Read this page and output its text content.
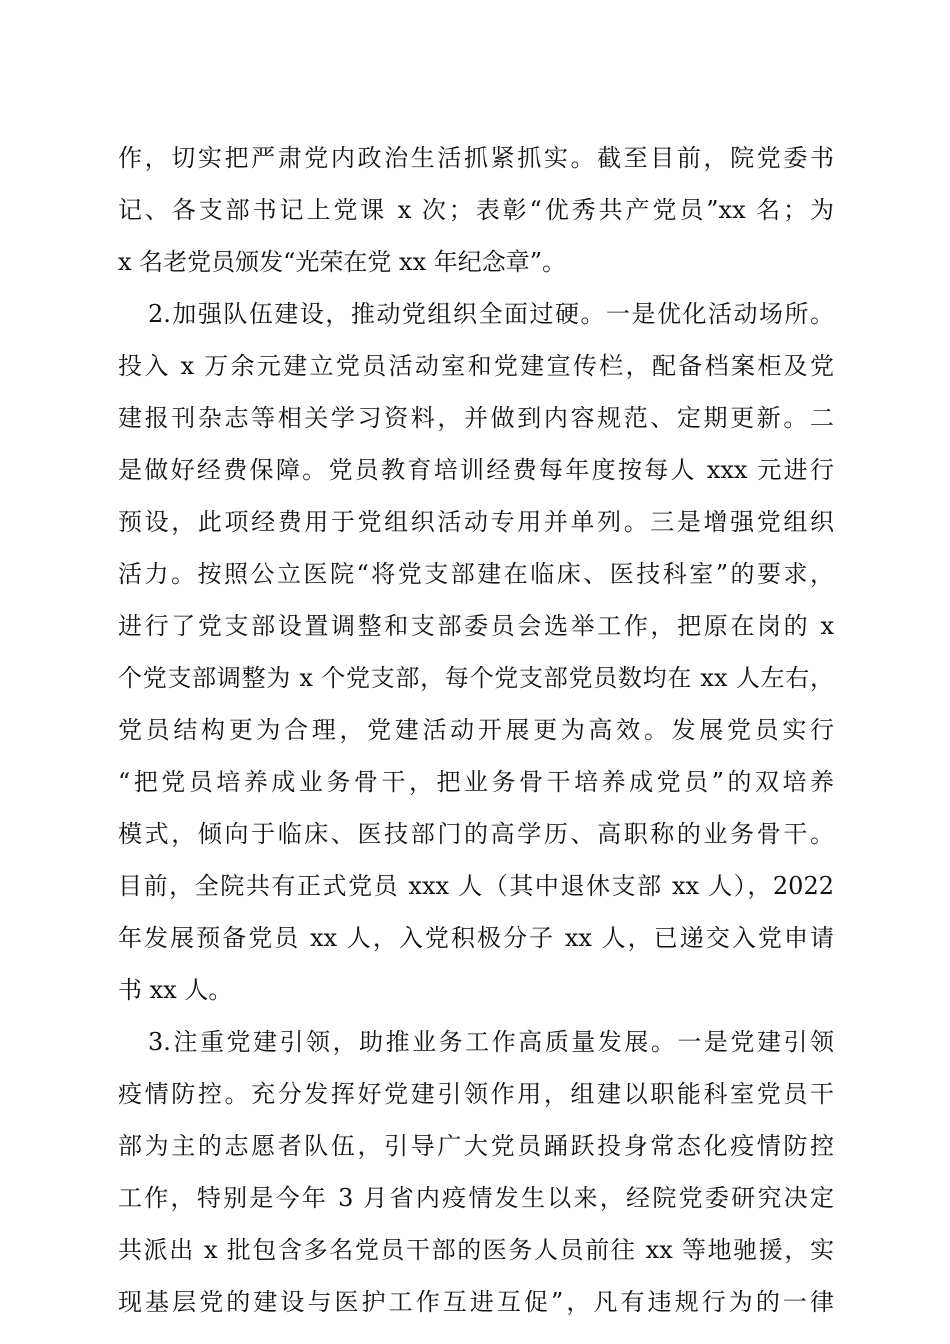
作，切实把严肃党内政治生活抓紧抓实。截至目前，院党委书
记、各支部书记上党课 x 次；表彰“优秀共产党员”xx 名；为
x 名老党员颁发“光荣在党 xx 年纪念章”。
2.加强队伍建设，推动党组织全面过硬。一是优化活动场所。
投入 x 万余元建立党员活动室和党建宣传栏，配备档案柜及党
建报刊杂志等相关学习资料，并做到内容规范、定期更新。二
是做好经费保障。党员教育培训经费每年度按每人 xxx 元进行
预设，此项经费用于党组织活动专用并单列。三是增强党组织
活力。按照公立医院“将党支部建在临床、医技科室”的要求，
进行了党支部设置调整和支部委员会选举工作，把原在岗的 x
个党支部调整为 x 个党支部，每个党支部党员数均在 xx 人左右，
党员结构更为合理，党建活动开展更为高效。发展党员实行
“把党员培养成业务骨干，把业务骨干培养成党员”的双培养
模式，倾向于临床、医技部门的高学历、高职称的业务骨干。
目前，全院共有正式党员 xxx 人（其中退休支部 xx 人），2022
年发展预备党员 xx 人，入党积极分子 xx 人，已递交入党申请
书 xx 人。
3.注重党建引领，助推业务工作高质量发展。一是党建引领
疫情防控。充分发挥好党建引领作用，组建以职能科室党员干
部为主的志愿者队伍，引导广大党员踊跃投身常态化疫情防控
工作，特别是今年 3 月省内疫情发生以来，经院党委研究决定
共派出 x 批包含多名党员干部的医务人员前往 xx 等地驰援，实
现基层党的建设与医护工作互进互促”，凡有违规行为的一律
